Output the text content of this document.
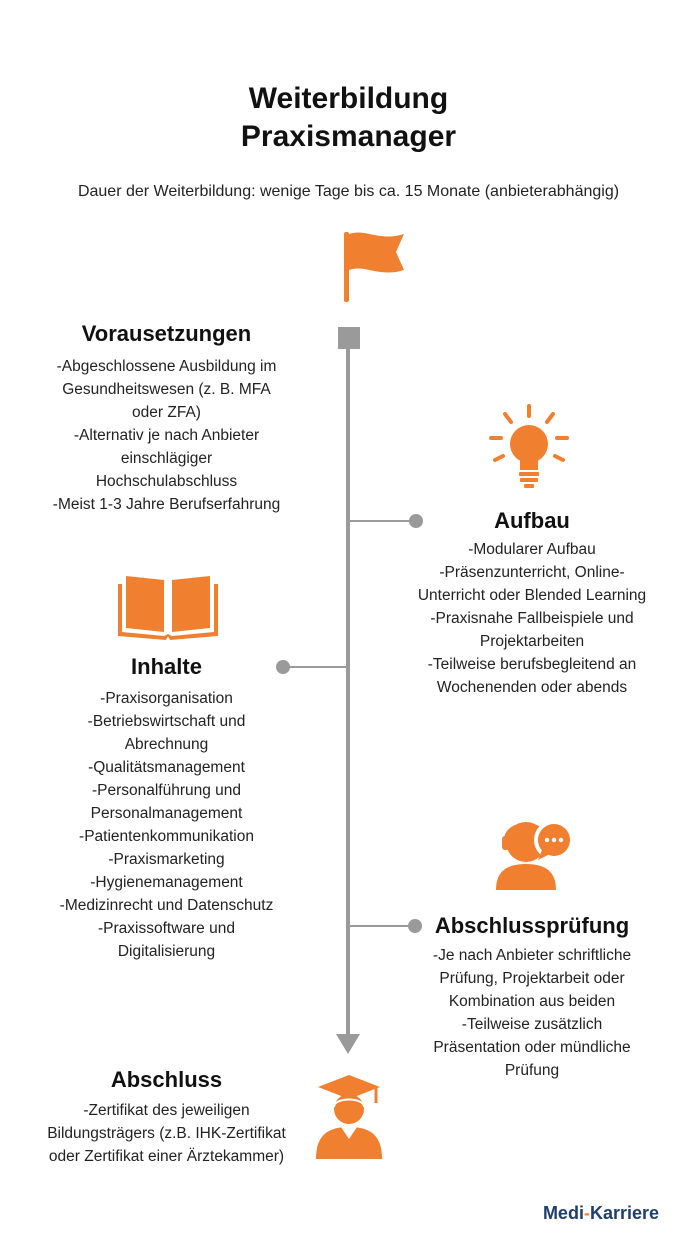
Weiterbildung
Praxismanager
Dauer der Weiterbildung: wenige Tage bis ca. 15 Monate (anbieterabhängig)
Vorausetzungen
-Abgeschlossene Ausbildung im
Gesundheitswesen (z. B. MFA
oder ZFA)
-Alternativ je nach Anbieter
einschlägiger
Hochschulabschluss
-Meist 1-3 Jahre Berufserfahrung
Aufbau
-Modularer Aufbau
-Präsenzunterricht, Online-
Unterricht oder Blended Learning
-Praxisnahe Fallbeispiele und
Projektarbeiten
-Teilweise berufsbegleitend an
Wochenenden oder abends
Inhalte
-Praxisorganisation
-Betriebswirtschaft und
Abrechnung
-Qualitätsmanagement
-Personalführung und
Personalmanagement
-Patientenkommunikation
-Praxismarketing
-Hygienemanagement
-Medizinrecht und Datenschutz
-Praxissoftware und
Digitalisierung
Abschlussprüfung
-Je nach Anbieter schriftliche
Prüfung, Projektarbeit oder
Kombination aus beiden
-Teilweise zusätzlich
Präsentation oder mündliche
Prüfung
Abschluss
-Zertifikat des jeweiligen
Bildungsträgers (z.B. IHK-Zertifikat
oder Zertifikat einer Ärztekammer)
Medi-Karriere
